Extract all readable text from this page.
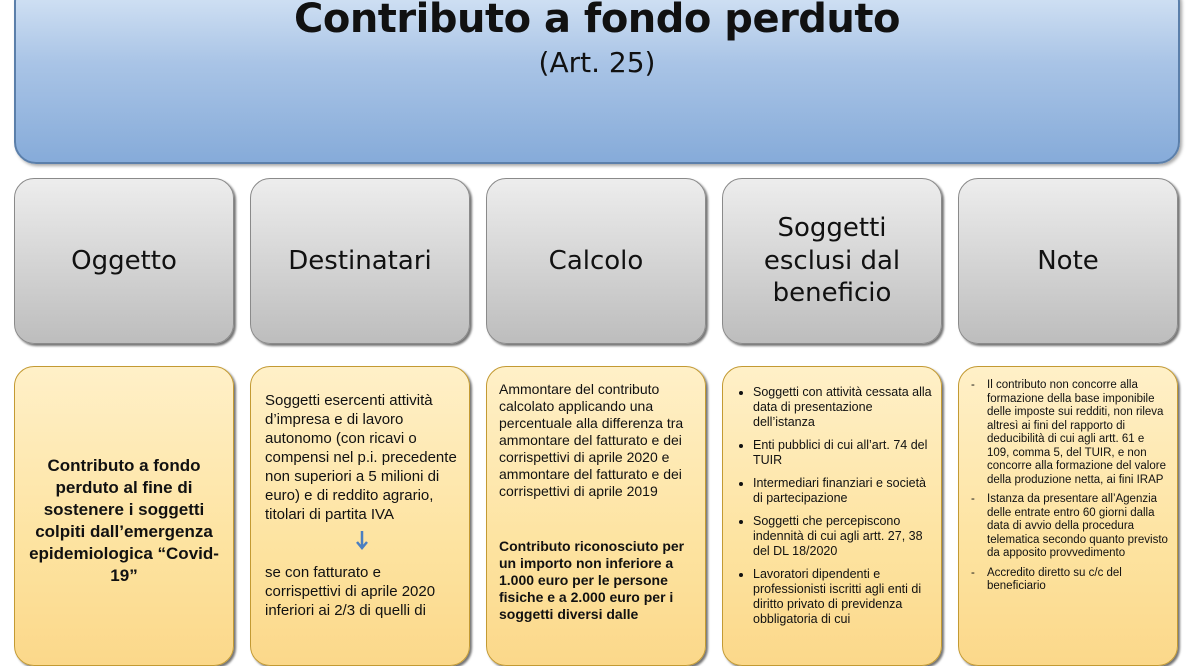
Contributo a fondo perduto
(Art. 25)
Oggetto	Destinatari	Calcolo
Soggetti
esclusi dal
beneficio
Note
Contributo a fondo perduto al fine di sostenere i soggetti colpiti dall’emergenza epidemiologica “Covid-19”
Soggetti esercenti attività d’impresa e di lavoro autonomo (con ricavi o compensi nel p.i. precedente non superiori a 5 milioni di euro) e di reddito agrario, titolari di partita IVA
se con fatturato e corrispettivi di aprile 2020 inferiori ai 2/3 di quelli di
Ammontare del contributo calcolato applicando una percentuale alla differenza tra ammontare del fatturato e dei corrispettivi di aprile 2020 e ammontare del fatturato e dei corrispettivi di aprile 2019
Contributo riconosciuto per un importo non inferiore a 1.000 euro per le persone fisiche e a 2.000 euro per i soggetti diversi dalle
• Soggetti con attività cessata alla data di presentazione dell’istanza
• Enti pubblici di cui all’art. 74 del TUIR
• Intermediari finanziari e società di partecipazione
• Soggetti che percepiscono indennità di cui agli artt. 27, 38 del DL 18/2020
• Lavoratori dipendenti e professionisti iscritti agli enti di diritto privato di previdenza obbligatoria di cui
- Il contributo non concorre alla formazione della base imponibile delle imposte sui redditi, non rileva altresì ai fini del rapporto di deducibilità di cui agli artt. 61 e 109, comma 5, del TUIR, e non concorre alla formazione del valore della produzione netta, ai fini IRAP
- Istanza da presentare all’Agenzia delle entrate entro 60 giorni dalla data di avvio della procedura telematica secondo quanto previsto da apposito provvedimento
- Accredito diretto su c/c del beneficiario
